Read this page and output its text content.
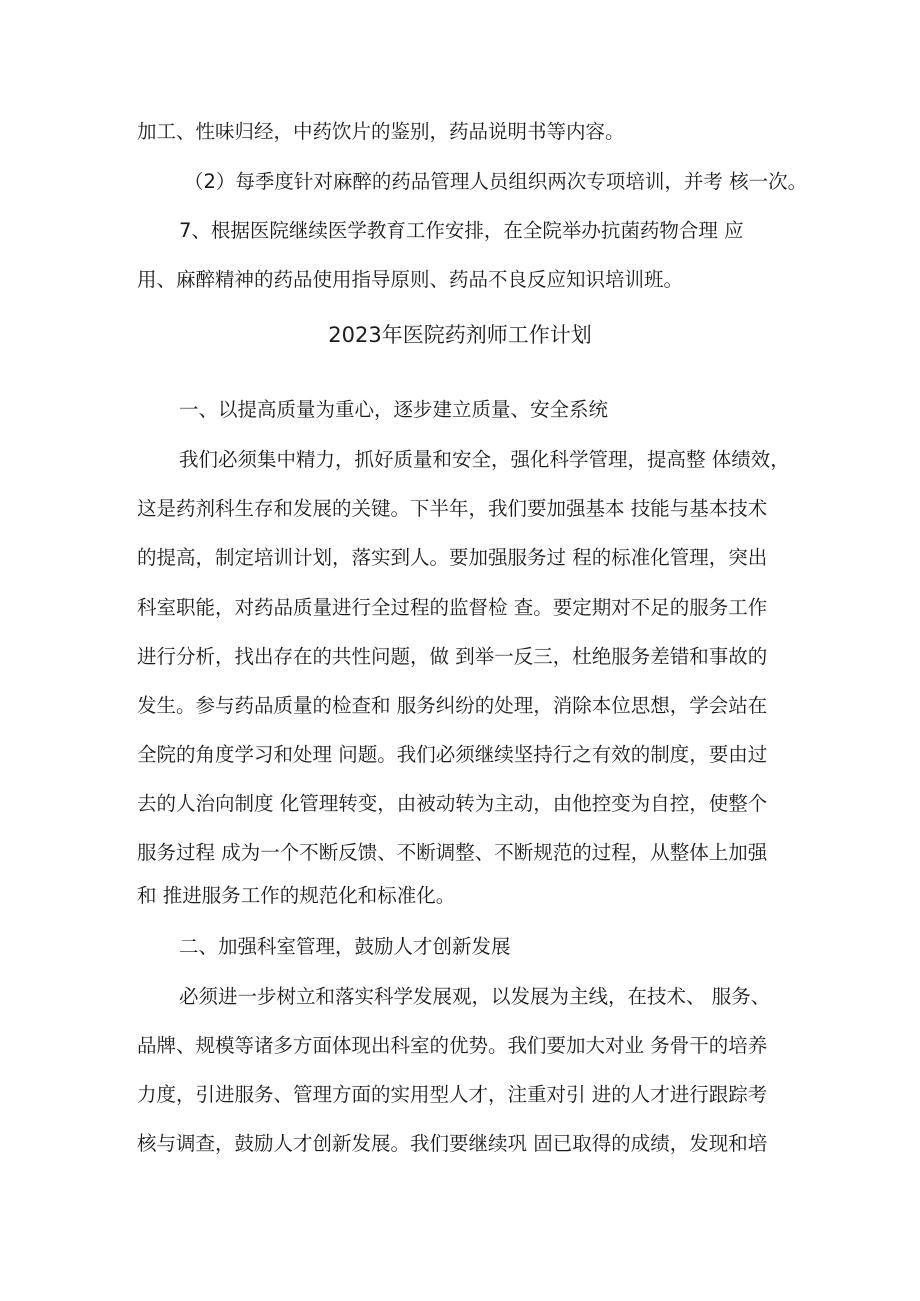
加工、性味归经，中药饮片的鉴别，药品说明书等内容。

（2）每季度针对麻醉的药品管理人员组织两次专项培训，并考 核一次。

7、根据医院继续医学教育工作安排，在全院举办抗菌药物合理 应

用、麻醉精神的药品使用指导原则、药品不良反应知识培训班。

2023年医院药剂师工作计划

一、以提高质量为重心，逐步建立质量、安全系统

我们必须集中精力，抓好质量和安全，强化科学管理，提高整 体绩效，

这是药剂科生存和发展的关键。下半年，我们要加强基本 技能与基本技术

的提高，制定培训计划，落实到人。要加强服务过 程的标准化管理，突出

科室职能，对药品质量进行全过程的监督检 查。要定期对不足的服务工作

进行分析，找出存在的共性问题，做 到举一反三，杜绝服务差错和事故的

发生。参与药品质量的检查和 服务纠纷的处理，消除本位思想，学会站在

全院的角度学习和处理 问题。我们必须继续坚持行之有效的制度，要由过

去的人治向制度 化管理转变，由被动转为主动，由他控变为自控，使整个

服务过程 成为一个不断反馈、不断调整、不断规范的过程，从整体上加强

和 推进服务工作的规范化和标准化。

二、加强科室管理，鼓励人才创新发展

必须进一步树立和落实科学发展观，以发展为主线，在技术、 服务、

品牌、规模等诸多方面体现出科室的优势。我们要加大对业 务骨干的培养

力度，引进服务、管理方面的实用型人才，注重对引 进的人才进行跟踪考

核与调查，鼓励人才创新发展。我们要继续巩 固已取得的成绩，发现和培
